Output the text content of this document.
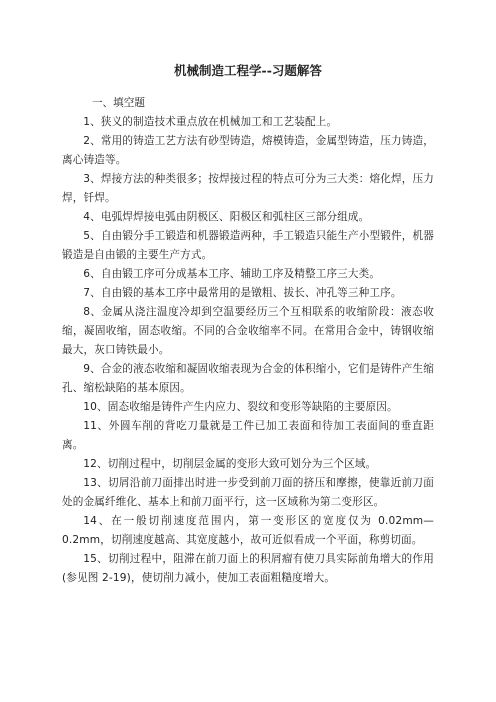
机械制造工程学--习题解答

一、填空题

1、狭义的制造技术重点放在机械加工和工艺装配上。

2、常用的铸造工艺方法有砂型铸造，熔模铸造，金属型铸造，压力铸造，离心铸造等。

3、焊接方法的种类很多；按焊接过程的特点可分为三大类：熔化焊，压力焊，钎焊。

4、电弧焊焊接电弧由阴极区、阳极区和弧柱区三部分组成。

5、自由锻分手工锻造和机器锻造两种，手工锻造只能生产小型锻件，机器锻造是自由锻的主要生产方式。

6、自由锻工序可分成基本工序、辅助工序及精整工序三大类。

7、自由锻的基本工序中最常用的是镦粗、拔长、冲孔等三种工序。

8、金属从浇注温度冷却到空温要经历三个互相联系的收缩阶段：液态收缩，凝固收缩，固态收缩。不同的合金收缩率不同。在常用合金中，铸钢收缩最大，灰口铸铁最小。

9、合金的液态收缩和凝固收缩表现为合金的体积缩小，它们是铸件产生缩孔、缩松缺陷的基本原因。

10、固态收缩是铸件产生内应力、裂纹和变形等缺陷的主要原因。

11、外圆车削的背吃刀量就是工件已加工表面和待加工表面间的垂直距离。

12、切削过程中，切削层金属的变形大致可划分为三个区域。

13、切屑沿前刀面排出时进一步受到前刀面的挤压和摩擦，使靠近前刀面处的金属纤维化、基本上和前刀面平行，这一区域称为第二变形区。

14、在一般切削速度范围内，第一变形区的宽度仅为 0.02mm—0.2mm，切削速度越高、其宽度越小，故可近似看成一个平面，称剪切面。

15、切削过程中，阻滞在前刀面上的积屑瘤有使刀具实际前角增大的作用(参见图 2-19)，使切削力减小，使加工表面粗糙度增大。
